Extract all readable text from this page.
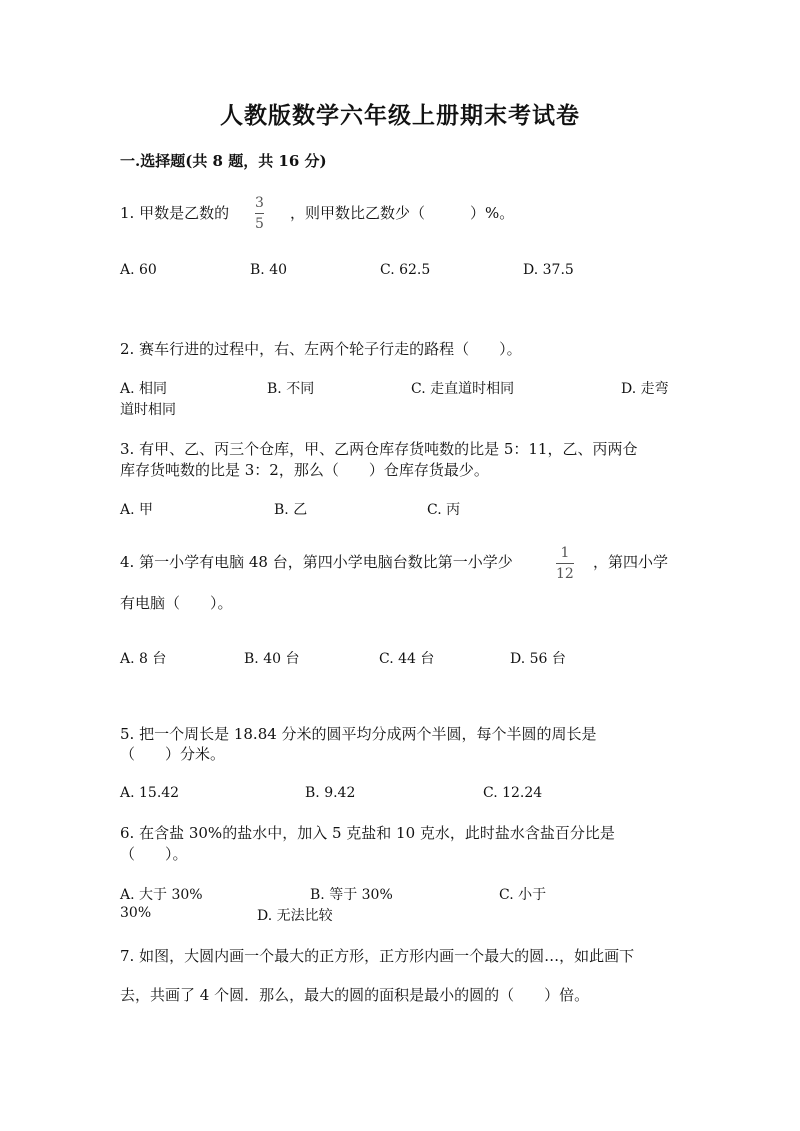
人教版数学六年级上册期末考试卷
一.选择题(共 8 题，共 16 分)
1. 甲数是乙数的
3
5
，则甲数比乙数少（　　　）%。
A. 60	B. 40	C. 62.5	D. 37.5
2. 赛车行进的过程中，右、左两个轮子行走的路程（　　）。
A. 相同	B. 不同	C. 走直道时相同	D. 走弯
道时相同
3. 有甲、乙、丙三个仓库，甲、乙两仓库存货吨数的比是 5：11，乙、丙两仓
库存货吨数的比是 3：2，那么（　　）仓库存货最少。
A. 甲	B. 乙	C. 丙
4. 第一小学有电脑 48 台，第四小学电脑台数比第一小学少	1
12
，第四小学
有电脑（　　）。
A. 8 台	B. 40 台	C. 44 台	D. 56 台
5. 把一个周长是 18.84 分米的圆平均分成两个半圆，每个半圆的周长是
（　　）分米。
A. 15.42	B. 9.42	C. 12.24
6. 在含盐 30%的盐水中，加入 5 克盐和 10 克水，此时盐水含盐百分比是
（　　）。
A. 大于 30%	B. 等于 30%	C. 小于
30%	D. 无法比较
7. 如图，大圆内画一个最大的正方形，正方形内画一个最大的圆…，如此画下
去，共画了 4 个圆．那么，最大的圆的面积是最小的圆的（　　）倍。
